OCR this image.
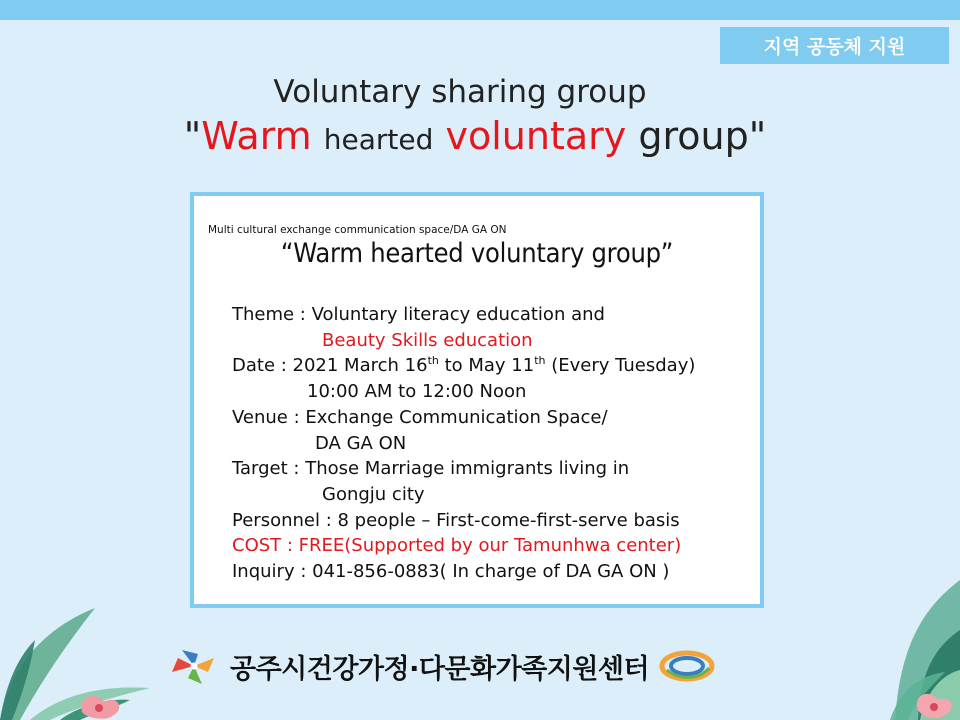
지역 공동체 지원
Voluntary sharing group
"Warm hearted voluntary group"
Multi cultural exchange communication space/DA GA ON
“Warm hearted voluntary group”
Theme : Voluntary literacy education and
Beauty Skills education
Date : 2021 March 16th to May 11th (Every Tuesday)
10:00 AM to 12:00 Noon
Venue : Exchange Communication Space/
DA GA ON
Target : Those Marriage immigrants living in
Gongju city
Personnel : 8 people – First-come-first-serve basis
COST : FREE(Supported by our Tamunhwa center)
Inquiry : 041-856-0883( In charge of DA GA ON )
공주시건강가정·다문화가족지원센터
